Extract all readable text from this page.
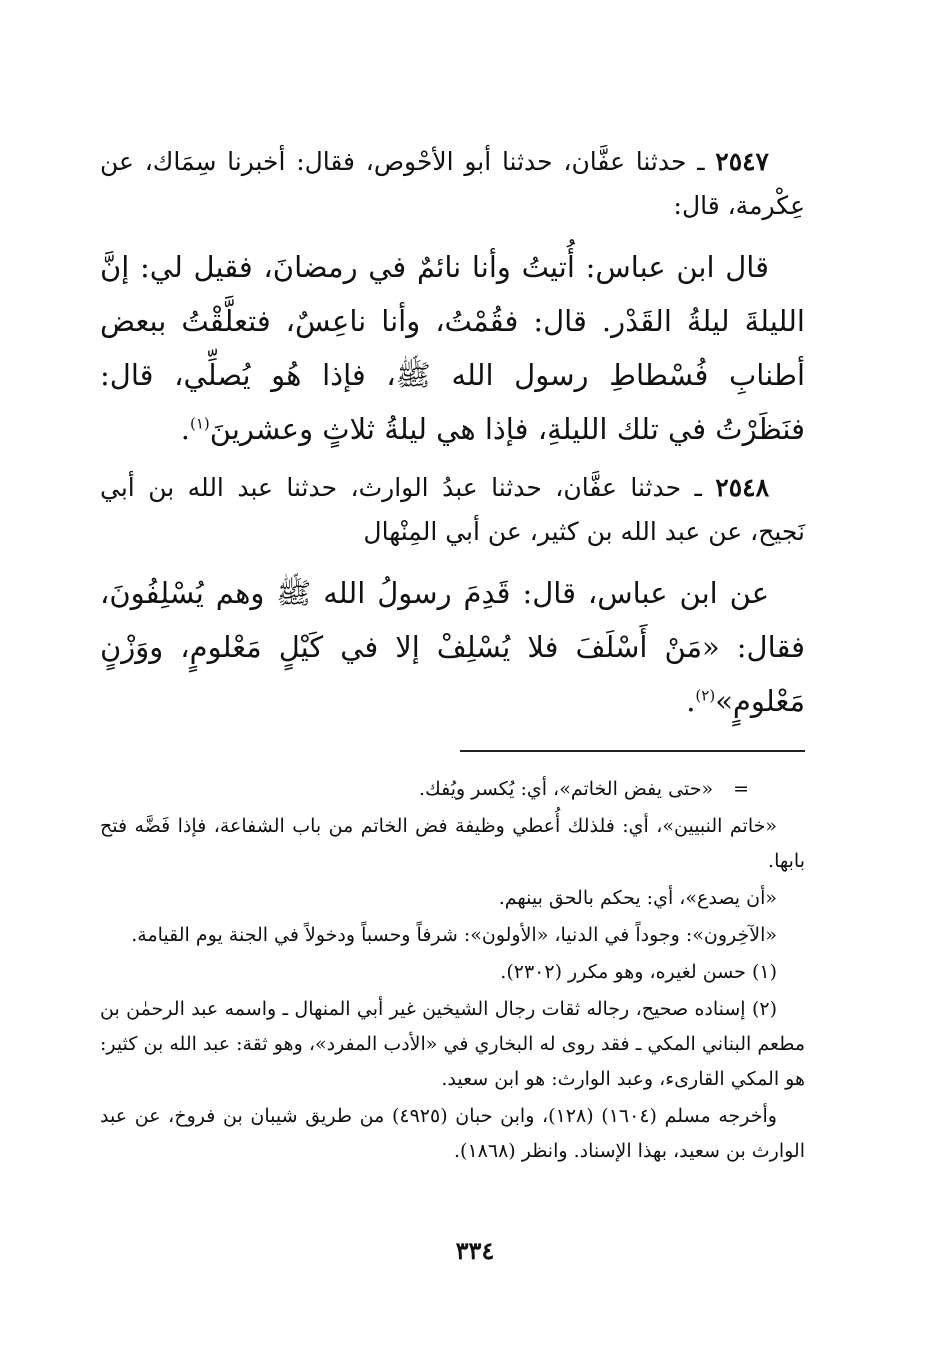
٢٥٤٧ ـ حدثنا عفَّان، حدثنا أبو الأحْوص، فقال: أخبرنا سِمَاك، عن عِكْرمة، قال:

قال ابن عباس: أُتيتُ وأنا نائمٌ في رمضانَ، فقيل لي: إنَّ الليلةَ ليلةُ القَدْر. قال: فقُمْتُ، وأنا ناعِسٌ، فتعلَّقْتُ ببعض أطنابِ فُسْطاطِ رسول الله ﷺ، فإذا هُو يُصلِّي، قال: فنَظَرْتُ في تلك الليلةِ، فإذا هي ليلةُ ثلاثٍ وعشرينَ$^{(١)}$.

٢٥٤٨ ـ حدثنا عفَّان، حدثنا عبدُ الوارث، حدثنا عبد الله بن أبي نَجيح، عن عبد الله بن كثير، عن أبي المِنْهال

عن ابن عباس، قال: قَدِمَ رسولُ الله ﷺ وهم يُسْلِفُونَ، فقال: «مَنْ أَسْلَفَ فلا يُسْلِفْ إلا في كَيْلٍ مَعْلومٍ، ووَزْنٍ مَعْلومٍ»$^{(٢)}$.

=«حتى يفض الخاتم»، أي: يُكسر ويُفك.

«خاتم النبيين»، أي: فلذلك أُعطي وظيفة فض الخاتم من باب الشفاعة، فإذا فَضَّه فتح بابها.

«أن يصدع»، أي: يحكم بالحق بينهم.

«الآخِرون»: وجوداً في الدنيا، «الأولون»: شرفاً وحسباً ودخولاً في الجنة يوم القيامة.

(١) حسن لغيره، وهو مكرر (٢٣٠٢).

(٢) إسناده صحيح، رجاله ثقات رجال الشيخين غير أبي المنهال ـ واسمه عبد الرحمٰن بن مطعم البناني المكي ـ فقد روى له البخاري في «الأدب المفرد»، وهو ثقة: عبد الله بن كثير: هو المكي القارىء، وعبد الوارث: هو ابن سعيد.

وأخرجه مسلم (١٦٠٤) (١٢٨)، وابن حبان (٤٩٢٥) من طريق شيبان بن فروخ، عن عبد الوارث بن سعيد، بهذا الإسناد. وانظر (١٨٦٨).

٣٣٤
